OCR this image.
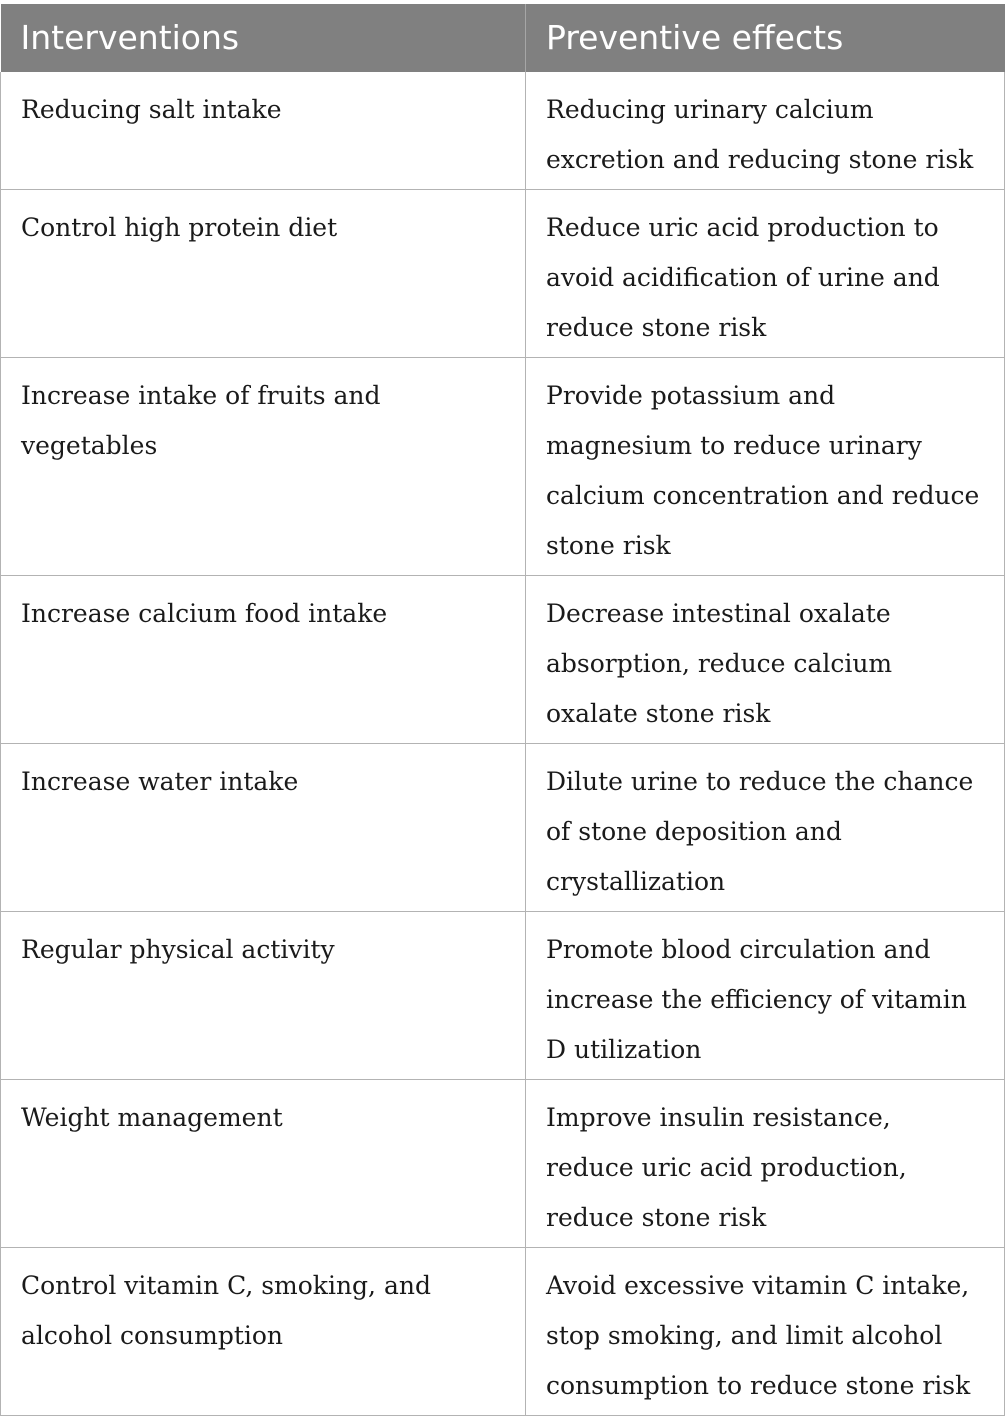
Interventions	Preventive effects
Reducing salt intake	Reducing urinary calcium excretion and reducing stone risk
Control high protein diet	Reduce uric acid production to avoid acidification of urine and reduce stone risk
Increase intake of fruits and vegetables	Provide potassium and magnesium to reduce urinary calcium concentration and reduce stone risk
Increase calcium food intake	Decrease intestinal oxalate absorption, reduce calcium oxalate stone risk
Increase water intake	Dilute urine to reduce the chance of stone deposition and crystallization
Regular physical activity	Promote blood circulation and increase the efficiency of vitamin D utilization
Weight management	Improve insulin resistance, reduce uric acid production, reduce stone risk
Control vitamin C, smoking, and alcohol consumption	Avoid excessive vitamin C intake, stop smoking, and limit alcohol consumption to reduce stone risk
